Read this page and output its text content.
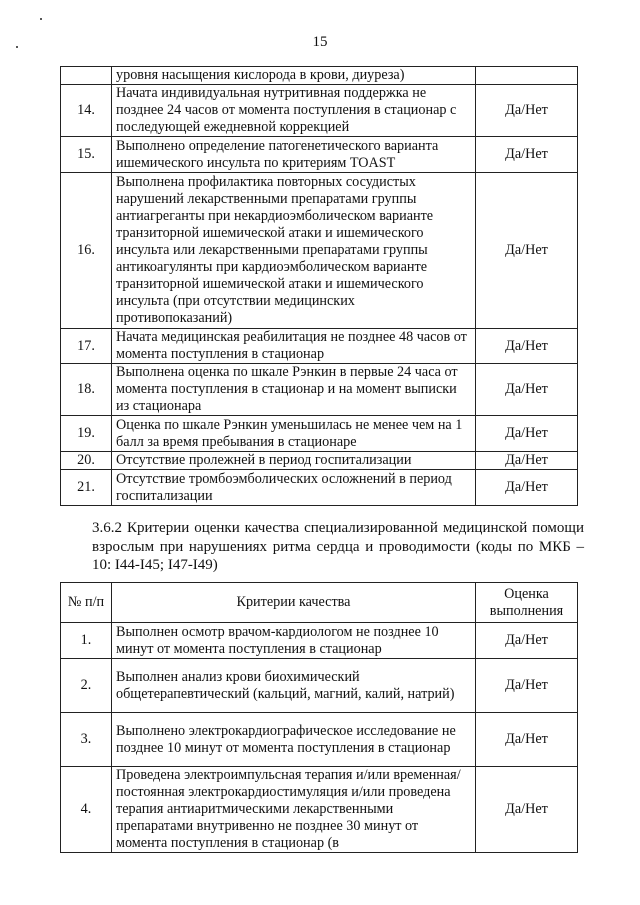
15
	уровня насыщения кислорода в крови, диуреза)	
14.	Начата индивидуальная нутритивная поддержка не позднее 24 часов от момента поступления в стационар с последующей ежедневной коррекцией	Да/Нет
15.	Выполнено определение патогенетического варианта ишемического инсульта по критериям TOAST	Да/Нет
16.	Выполнена профилактика повторных сосудистых нарушений лекарственными препаратами группы антиагреганты при некардиоэмболическом варианте транзиторной ишемической атаки и ишемического инсульта или лекарственными препаратами группы антикоагулянты при кардиоэмболическом варианте транзиторной ишемической атаки и ишемического инсульта (при отсутствии медицинских противопоказаний)	Да/Нет
17.	Начата медицинская реабилитация не позднее 48 часов от момента поступления в стационар	Да/Нет
18.	Выполнена оценка по шкале Рэнкин в первые 24 часа от момента поступления в стационар и на момент выписки из стационара	Да/Нет
19.	Оценка по шкале Рэнкин уменьшилась не менее чем на 1 балл за время пребывания в стационаре	Да/Нет
20.	Отсутствие пролежней в период госпитализации	Да/Нет
21.	Отсутствие тромбоэмболических осложнений в период госпитализации	Да/Нет
3.6.2 Критерии оценки качества специализированной медицинской помощи взрослым при нарушениях ритма сердца и проводимости (коды по МКБ – 10: I44-I45; I47-I49)
№ п/п	Критерии качества	Оценка выполнения
1.	Выполнен осмотр врачом-кардиологом не позднее 10 минут от момента поступления в стационар	Да/Нет
2.	Выполнен анализ крови биохимический общетерапевтический (кальций, магний, калий, натрий)	Да/Нет
3.	Выполнено электрокардиографическое исследование не позднее 10 минут от момента поступления в стационар	Да/Нет
4.	Проведена электроимпульсная терапия и/или временная/постоянная электрокардиостимуляция и/или проведена терапия антиаритмическими лекарственными препаратами внутривенно не позднее 30 минут от момента поступления в стационар (в	Да/Нет
